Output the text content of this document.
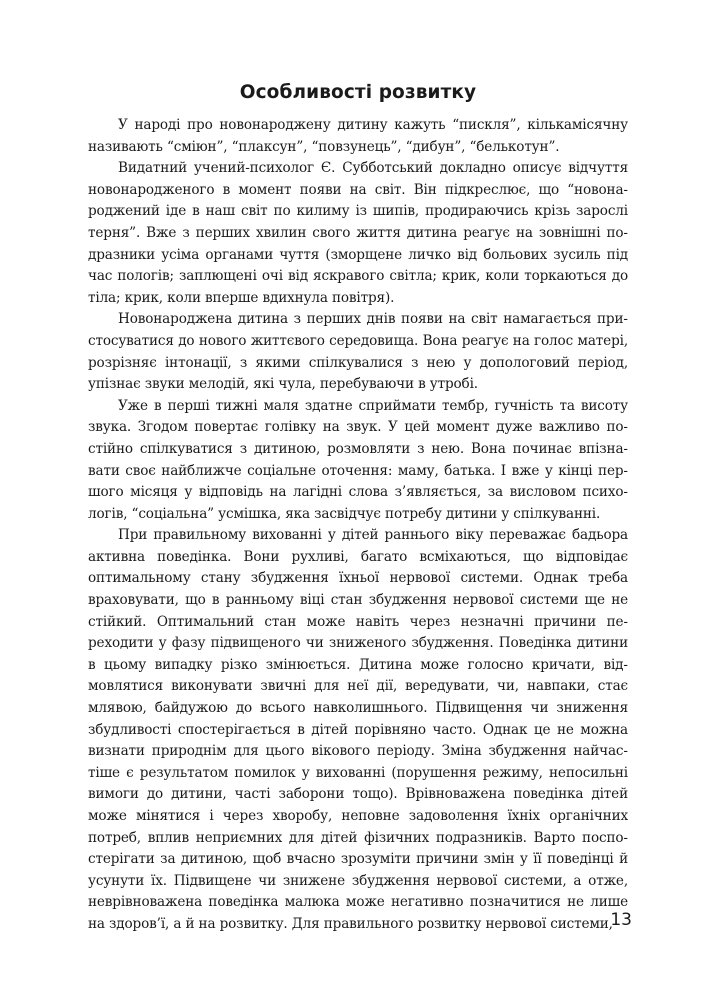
Особливості розвитку

У народі про новонароджену дитину кажуть “пискля”, кількамісячну називають “сміюн”, “плаксун”, “повзунець”, “дибун”, “белькотун”.

Видатний учений-психолог Є. Субботський докладно описує відчуття новонародженого в момент появи на світ. Він підкреслює, що “новонароджений іде в наш світ по килиму із шипів, продираючись крізь зарослі терня”. Вже з перших хвилин свого життя дитина реагує на зовнішні подразники усіма органами чуття (зморщене личко від больових зусиль під час пологів; заплющені очі від яскравого світла; крик, коли торкаються до тіла; крик, коли вперше вдихнула повітря).

Новонароджена дитина з перших днів появи на світ намагається пристосуватися до нового життєвого середовища. Вона реагує на голос матері, розрізняє інтонації, з якими спілкувалися з нею у допологовий період, упізнає звуки мелодій, які чула, перебуваючи в утробі.

Уже в перші тижні маля здатне сприймати тембр, гучність та висоту звука. Згодом повертає голівку на звук. У цей момент дуже важливо постійно спілкуватися з дитиною, розмовляти з нею. Вона починає впізнавати своє найближче соціальне оточення: маму, батька. І вже у кінці першого місяця у відповідь на лагідні слова з’являється, за висловом психологів, “соціальна” усмішка, яка засвідчує потребу дитини у спілкуванні.

При правильному вихованні у дітей раннього віку переважає бадьора активна поведінка. Вони рухливі, багато всміхаються, що відповідає оптимальному стану збудження їхньої нервової системи. Однак треба враховувати, що в ранньому віці стан збудження нервової системи ще не стійкий. Оптимальний стан може навіть через незначні причини переходити у фазу підвищеного чи зниженого збудження. Поведінка дитини в цьому випадку різко змінюється. Дитина може голосно кричати, відмовлятися виконувати звичні для неї дії, вередувати, чи, навпаки, стає млявою, байдужою до всього навколишнього. Підвищення чи зниження збудливості спостерігається в дітей порівняно часто. Однак це не можна визнати природнім для цього вікового періоду. Зміна збудження найчастіше є результатом помилок у вихованні (порушення режиму, непосильні вимоги до дитини, часті заборони тощо). Врівноважена поведінка дітей може мінятися і через хворобу, неповне задоволення їхніх органічних потреб, вплив неприємних для дітей фізичних подразників. Варто поспостерігати за дитиною, щоб вчасно зрозуміти причини змін у її поведінці й усунути їх. Підвищене чи знижене збудження нервової системи, а отже, неврівноважена поведінка малюка може негативно позначитися не лише на здоров’ї, а й на розвитку. Для правильного розвитку нервової системи,

13
